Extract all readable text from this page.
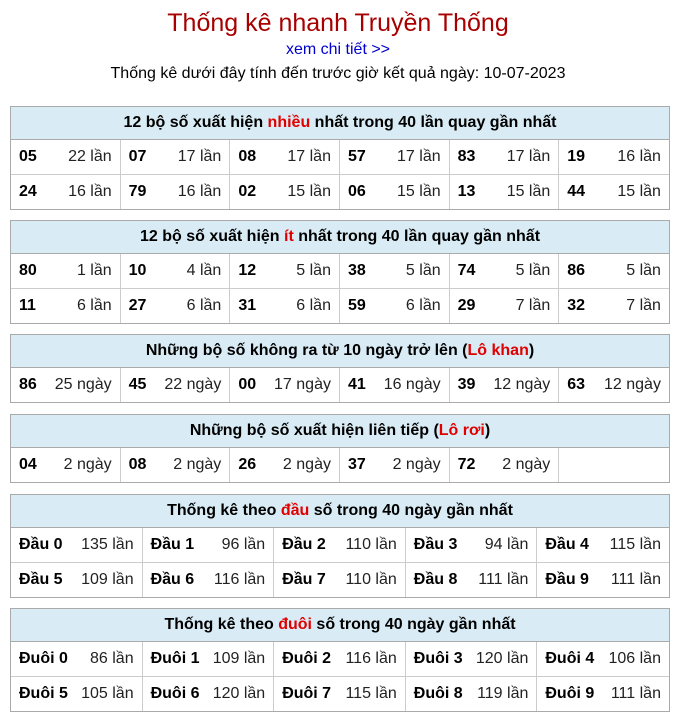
Thống kê nhanh Truyền Thống
xem chi tiết >>
Thống kê dưới đây tính đến trước giờ kết quả ngày: 10-07-2023
12 bộ số xuất hiện nhiều nhất trong 40 lần quay gần nhất
05 22 lần 07 17 lần 08 17 lần 57 17 lần 83 17 lần 19 16 lần
24 16 lần 79 16 lần 02 15 lần 06 15 lần 13 15 lần 44 15 lần
12 bộ số xuất hiện ít nhất trong 40 lần quay gần nhất
80	1 lần 10	4 lần 12	5 lần 38	5 lần 74	5 lần 86	5 lần
11	6 lần 27	6 lần 31	6 lần 59	6 lần 29	7 lần 32	7 lần
Những bộ số không ra từ 10 ngày trở lên (Lô khan)
86 25 ngày 45 22 ngày 00 17 ngày 41 16 ngày 39 12 ngày 63 12 ngày
Những bộ số xuất hiện liên tiếp (Lô rơi)
04 2 ngày 08 2 ngày 26 2 ngày 37 2 ngày 72 2 ngày
Thống kê theo đầu số trong 40 ngày gần nhất
Đầu 0 135 lần Đầu 1 96 lần Đầu 2 110 lần Đầu 3 94 lần Đầu 4 115 lần
Đầu 5 109 lần Đầu 6 116 lần Đầu 7 110 lần Đầu 8 111 lần Đầu 9 111 lần
Thống kê theo đuôi số trong 40 ngày gần nhất
Đuôi 0 86 lần Đuôi 1 109 lần Đuôi 2 116 lần Đuôi 3 120 lần Đuôi 4 106 lần
Đuôi 5 105 lần Đuôi 6 120 lần Đuôi 7 115 lần Đuôi 8 119 lần Đuôi 9 111 lần
